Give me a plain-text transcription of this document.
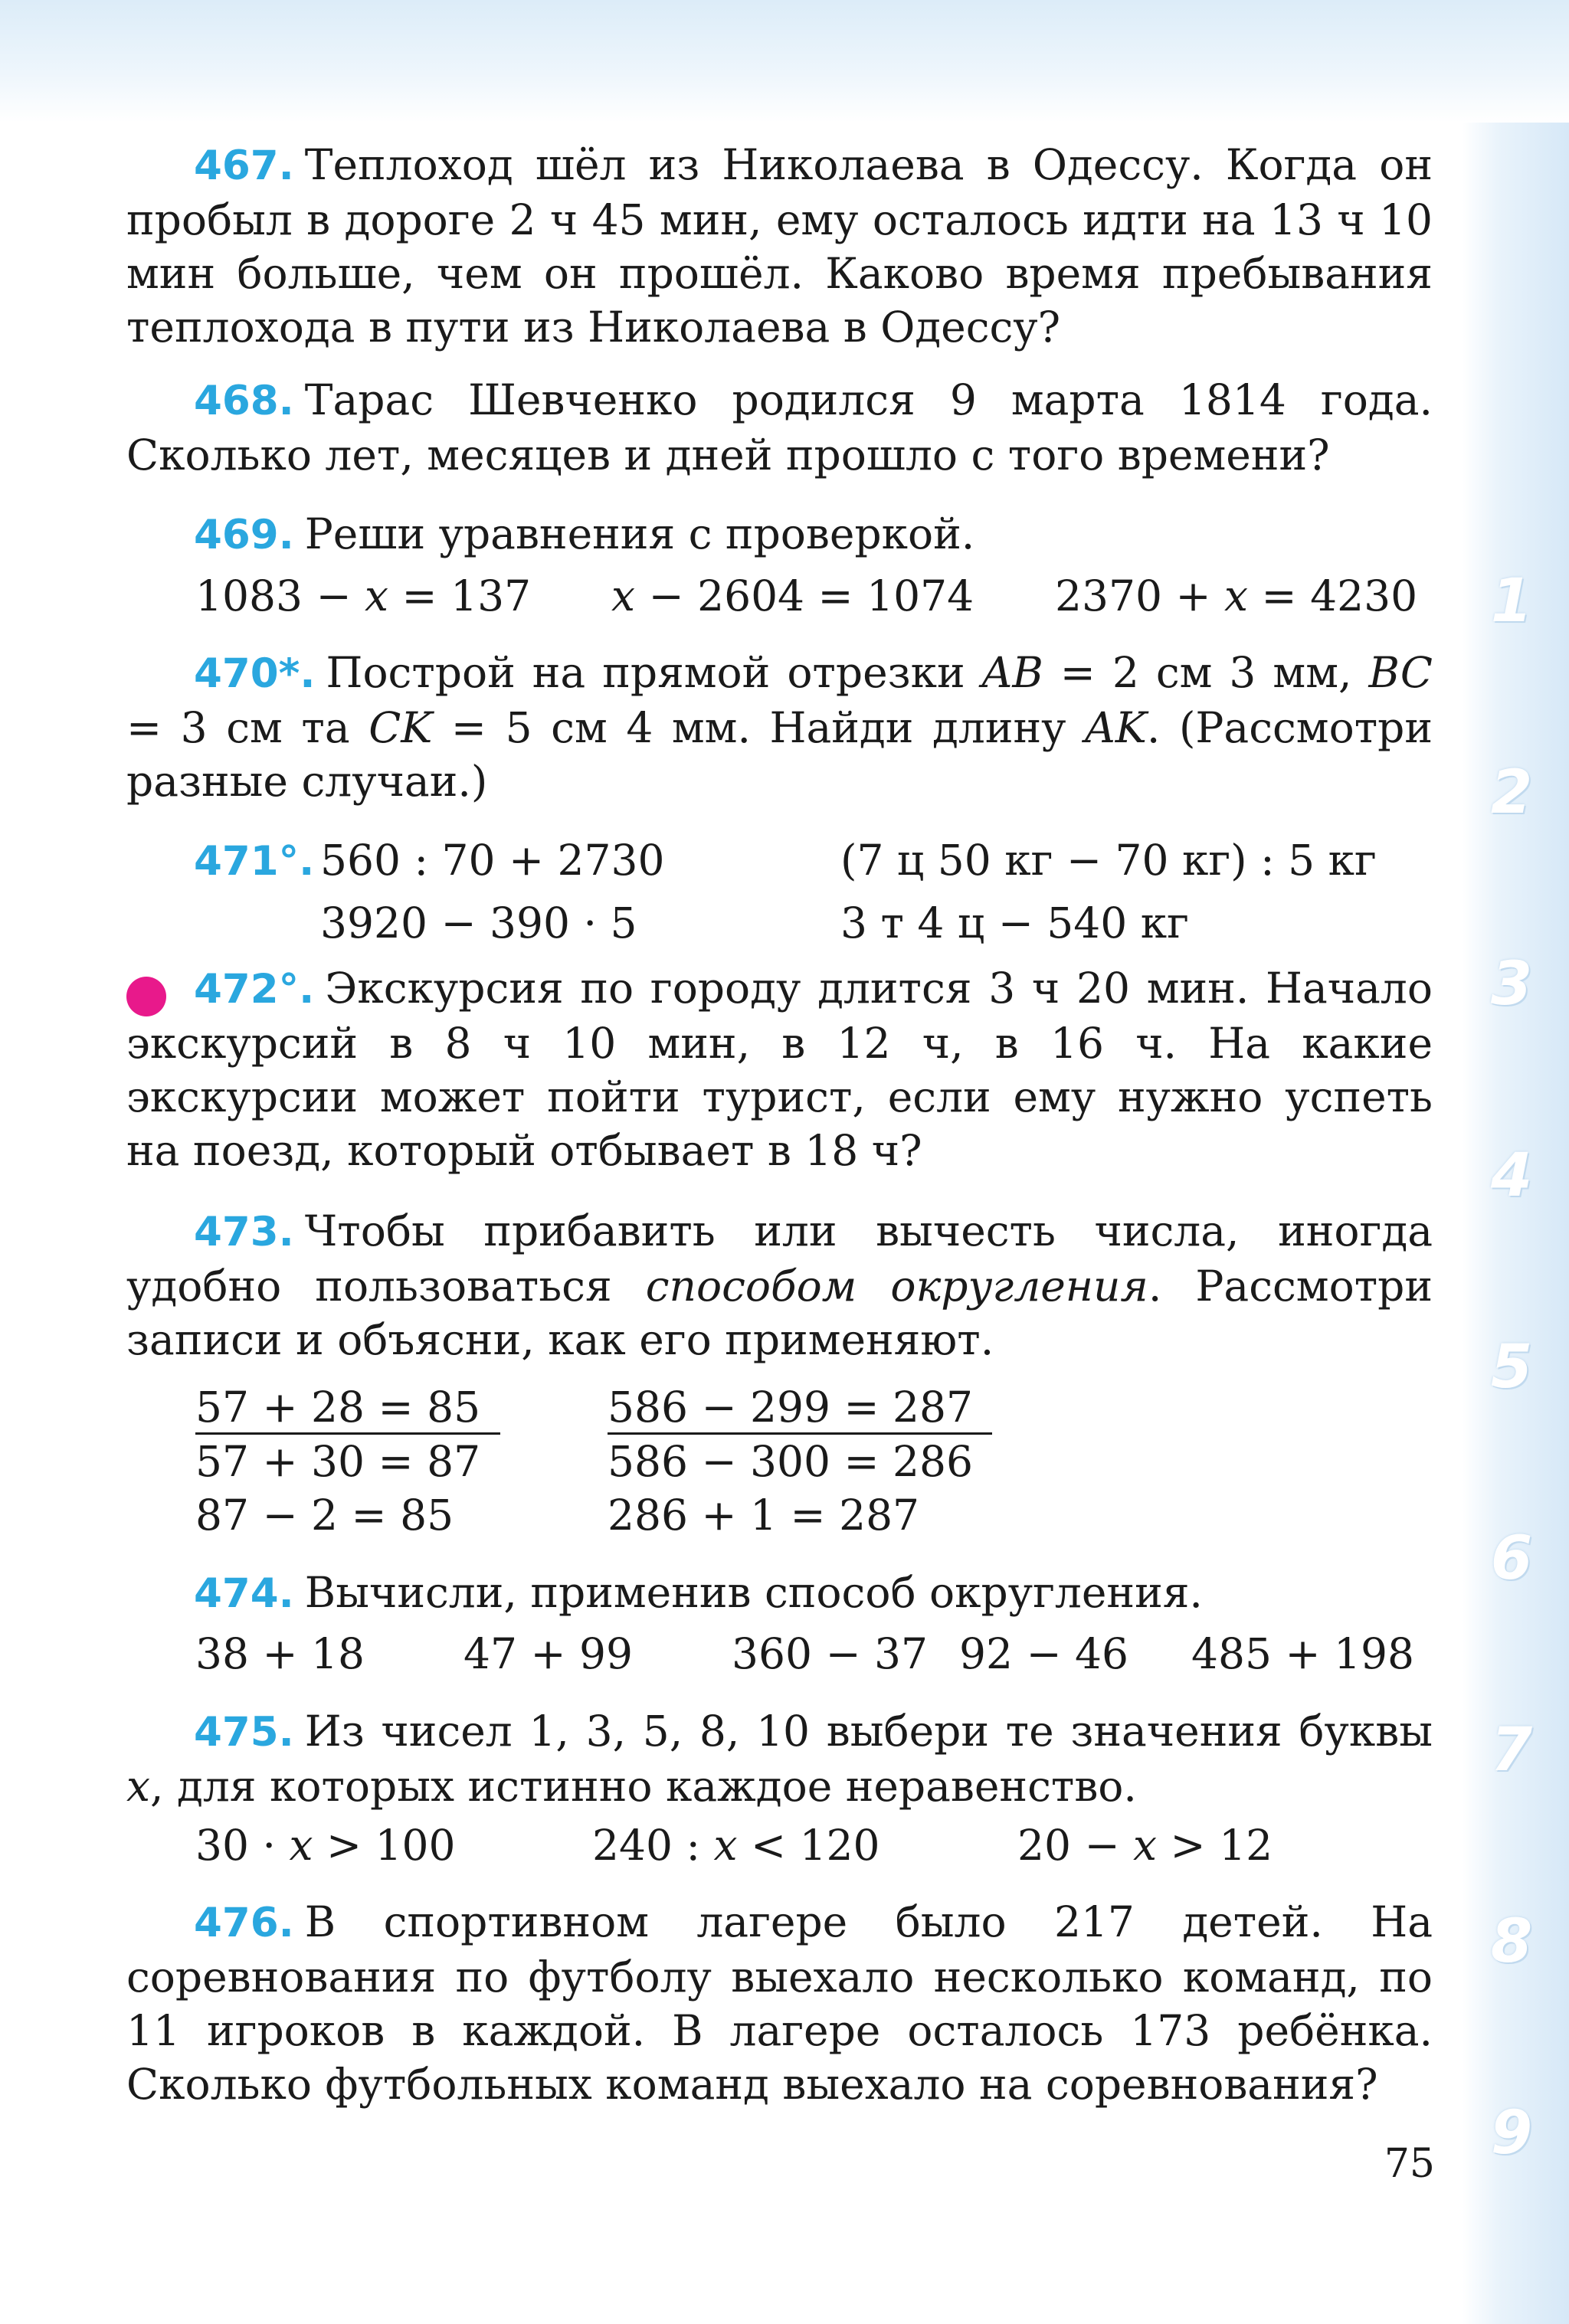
1
2
3
4
5
6
7
8
9

467. Теплоход шёл из Николаева в Одессу. Когда он пробыл в дороге 2 ч 45 мин, ему осталось идти на 13 ч 10 мин больше, чем он прошёл. Каково время пребывания теплохода в пути из Николаева в Одессу?

468. Тарас Шевченко родился 9 марта 1814 года. Сколько лет, месяцев и дней прошло с того времени?

469. Реши уравнения с проверкой.

1083 − x = 137 x − 2604 = 1074 2370 + x = 4230

470*. Построй на прямой отрезки AB = 2 см 3 мм, BC = 3 см та CK = 5 см 4 мм. Найди длину AK. (Рассмотри разные случаи.)

471°. 560 : 70 + 2730	(7 ц 50 кг − 70 кг) : 5 кг
3920 − 390 · 5	3 т 4 ц − 540 кг

473. Чтобы прибавить или вычесть числа, иногда удобно пользоваться способом округления. Рассмотри записи и объясни, как его применяют.

57 + 28 = 85
57 + 30 = 87
87 − 2 = 85
586 − 299 = 287
586 − 300 = 286
286 + 1 = 287

474. Вычисли, применив способ округления.

38 + 18 47 + 99 360 − 37 92 − 46 485 + 198

475. Из чисел 1, 3, 5, 8, 10 выбери те значения буквы x, для которых истинно каждое неравенство.

30 · x > 100	240 : x < 120	20 − x > 12

476. В спортивном лагере было 217 детей. На соревнования по футболу выехало несколько команд, по 11 игроков в каждой. В лагере осталось 173 ребёнка. Сколько футбольных команд выехало на соревнования?

472°. Экскурсия по городу длится 3 ч 20 мин. Начало экскурсий в 8 ч 10 мин, в 12 ч, в 16 ч. На какие экскурсии может пойти турист, если ему нужно успеть на поезд, который отбывает в 18 ч?

75
